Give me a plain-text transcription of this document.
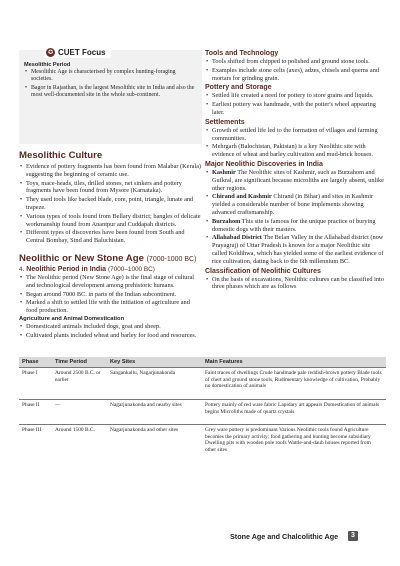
✪ CUET Focus
Mesolithic Period
• Mesolithic Age is characterised by complex hunting-foraging societies.
• Bagor in Rajasthan, is the largest Mesolithic site in India and also the most well-documented site in the whole sub-continent.
Mesolithic Culture
• Evidence of pottery fragments has been found from Malabar (Kerala) suggesting the beginning of ceramic use.
• Toys, mace-heads, tiles, drilled stones, net sinkers and pottery fragments have been found from Mysore (Karnataka).
• They used tools like backed blade, core, point, triangle, lunate and trapeze.
• Various types of tools found from Bellary district; bangles of delicate workmanship found from Anantpur and Cuddapah districts.
• Different types of discoveries have been found from South and Central Bombay, Sind and Baluchistan.
Neolithic or New Stone Age (7000-1000 BC)
4. Neolithic Period in India (7000–1000 BC)
• The Neolithic period (New Stone Age) is the final stage of cultural and technological development among prehistoric humans.
• Began around 7000 BC. in parts of the Indian subcontinent.
• Marked a shift to settled life with the initiation of agriculture and food production.
Agriculture and Animal Domestication
• Domesticated animals included dogs, goat and sheep.
• Cultivated plants included wheat and barley for food and resources.
Tools and Technology
• Tools shifted from chipped to polished and ground stone tools.
• Examples include stone celts (axes), adzes, chisels and querns and mortars for grinding grain.
Pottery and Storage
• Settled life created a need for pottery to store grains and liquids.
• Earliest pottery was handmade, with the potter's wheel appearing later.
Settlements
• Growth of settled life led to the formation of villages and farming communities.
• Mehrgarh (Balochistan, Pakistan) is a key Neolithic site with evidence of wheat and barley cultivation and mud-brick houses.
Major Neolithic Discoveries in India
• Kashmir The Neolithic sites of Kashmir, such as Burzahom and Gufkral, are significant because microliths are largely absent, unlike other regions.
• Chirand and Kashmir Chirand (in Bihar) and sites in Kashmir yielded a considerable number of bone implements showing advanced craftsmanship.
• Burzahom This site is famous for the unique practice of burying domestic dogs with their masters.
• Allahabad District The Belan Valley in the Allahabad district (now Prayagraj) of Uttar Pradesh is known for a major Neolithic site called Koldihwa, which has yielded some of the earliest evidence of rice cultivation, dating back to the 6th millennium BC.
Classification of Neolithic Cultures
• On the basis of excavations, Neolithic cultures can be classified into three phases which are as follows
Phase	Time Period	Key Sites	Main Features
Phase I	Around 2500 B.C. or earlier	Sangankallu, Nagarjunakonda	Faint traces of dwellings Crude handmade pale reddish-brown pottery Blade tools of chert and ground stone tools, Rudimentary knowledge of cultivation, Probably no domestication of animals
Phase II	—	Nagarjunakonda and nearby sites	Pottery mainly of red ware fabric Lapidary art appears Domestication of animals begins Microliths made of quartz crystals
Phase III	Around 1500 B.C.	Nagarjunakonda and other sites	Grey ware pottery is predominant Various Neolithic tools found Agriculture becomes the primary activity; food gathering and hunting become subsidiary Dwelling pits with wooden pole roofs Wattle-and-daub houses reported from other sites
Stone Age and Chalcolithic Age	3
